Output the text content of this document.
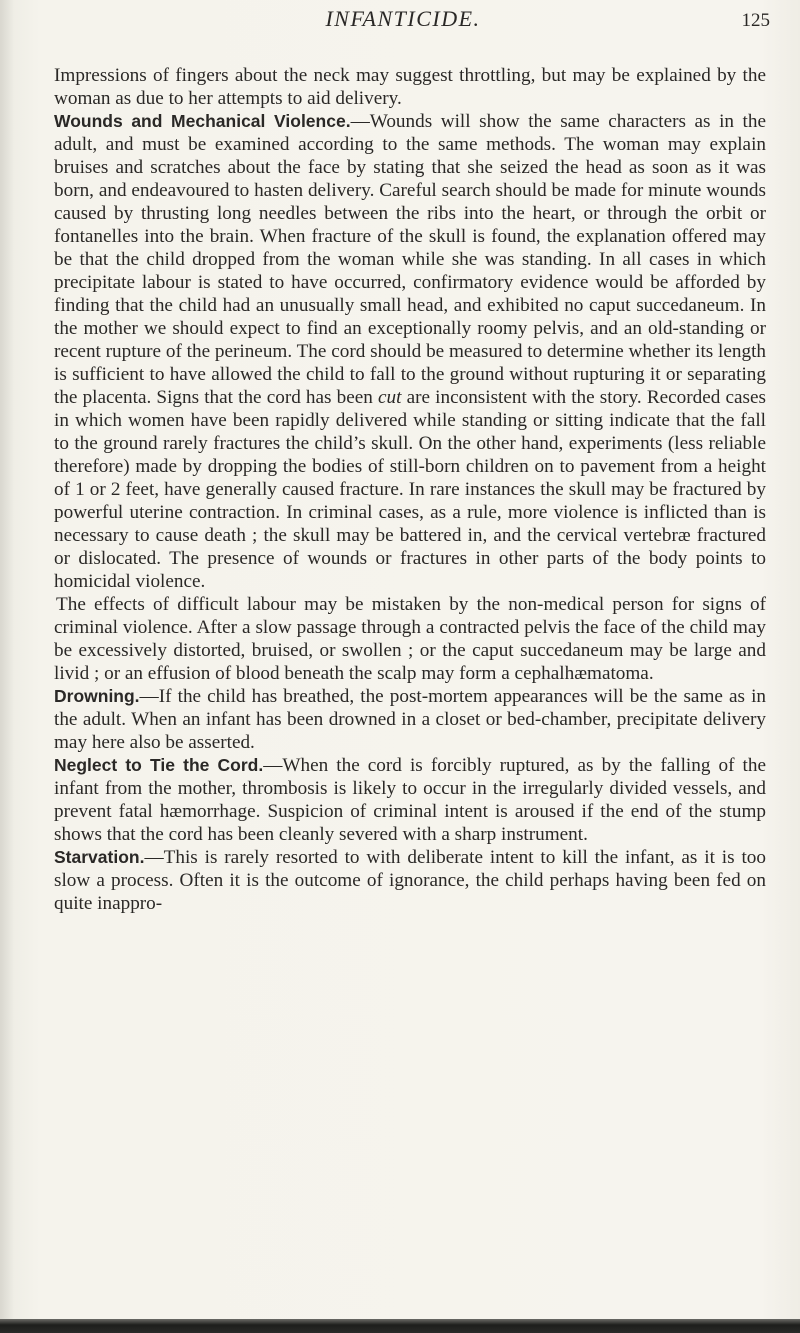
INFANTICIDE.	125

Impressions of fingers about the neck may suggest throttling, but may be explained by the woman as due to her attempts to aid delivery.

Wounds and Mechanical Violence.—Wounds will show the same characters as in the adult, and must be examined according to the same methods. The woman may explain bruises and scratches about the face by stating that she seized the head as soon as it was born, and endeavoured to hasten delivery. Careful search should be made for minute wounds caused by thrusting long needles between the ribs into the heart, or through the orbit or fontanelles into the brain. When fracture of the skull is found, the explanation offered may be that the child dropped from the woman while she was standing. In all cases in which precipitate labour is stated to have occurred, confirmatory evidence would be afforded by finding that the child had an unusually small head, and exhibited no caput succedaneum. In the mother we should expect to find an exceptionally roomy pelvis, and an old-standing or recent rupture of the perineum. The cord should be measured to determine whether its length is sufficient to have allowed the child to fall to the ground without rupturing it or separating the placenta. Signs that the cord has been cut are inconsistent with the story. Recorded cases in which women have been rapidly delivered while standing or sitting indicate that the fall to the ground rarely fractures the child’s skull. On the other hand, experiments (less reliable therefore) made by dropping the bodies of still-born children on to pavement from a height of 1 or 2 feet, have generally caused fracture. In rare instances the skull may be fractured by powerful uterine contraction. In criminal cases, as a rule, more violence is inflicted than is necessary to cause death ; the skull may be battered in, and the cervical vertebræ fractured or dislocated. The presence of wounds or fractures in other parts of the body points to homicidal violence.

The effects of difficult labour may be mistaken by the non-medical person for signs of criminal violence. After a slow passage through a contracted pelvis the face of the child may be excessively distorted, bruised, or swollen ; or the caput succedaneum may be large and livid ; or an effusion of blood beneath the scalp may form a cephalhæmatoma.

Drowning.—If the child has breathed, the post-mortem appearances will be the same as in the adult. When an infant has been drowned in a closet or bed-chamber, precipitate delivery may here also be asserted.

Neglect to Tie the Cord.—When the cord is forcibly ruptured, as by the falling of the infant from the mother, thrombosis is likely to occur in the irregularly divided vessels, and prevent fatal hæmorrhage. Suspicion of criminal intent is aroused if the end of the stump shows that the cord has been cleanly severed with a sharp instrument.

Starvation.—This is rarely resorted to with deliberate intent to kill the infant, as it is too slow a process. Often it is the outcome of ignorance, the child perhaps having been fed on quite inappro-
